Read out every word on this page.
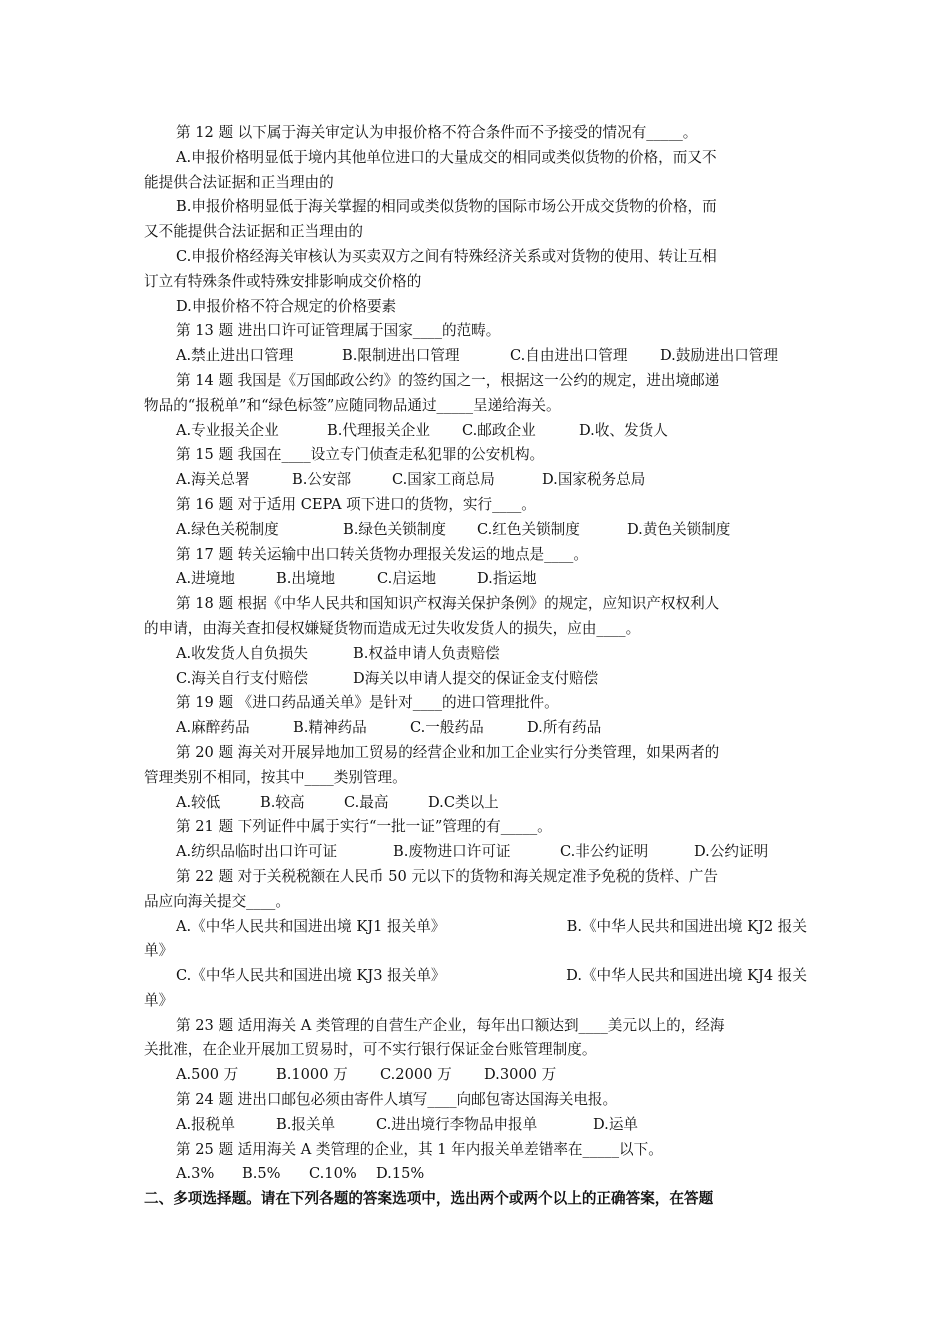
第 12 题 以下属于海关审定认为申报价格不符合条件而不予接受的情况有_____。
A.申报价格明显低于境内其他单位进口的大量成交的相同或类似货物的价格，而又不
能提供合法证据和正当理由的
B.申报价格明显低于海关掌握的相同或类似货物的国际市场公开成交货物的价格，而
又不能提供合法证据和正当理由的
C.申报价格经海关审核认为买卖双方之间有特殊经济关系或对货物的使用、转让互相
订立有特殊条件或特殊安排影响成交价格的
D.申报价格不符合规定的价格要素
第 13 题 进出口许可证管理属于国家____的范畴。
A.禁止进出口管理	B.限制进出口管理	C.自由进出口管理	D.鼓励进出口管理
第 14 题 我国是《万国邮政公约》的签约国之一，根据这一公约的规定，进出境邮递
物品的“报税单”和“绿色标签”应随同物品通过_____呈递给海关。
A.专业报关企业	B.代理报关企业	C.邮政企业	D.收、发货人
第 15 题 我国在____设立专门侦查走私犯罪的公安机构。
A.海关总署	B.公安部	C.国家工商总局	D.国家税务总局
第 16 题 对于适用 CEPA 项下进口的货物，实行____。
A.绿色关税制度	B.绿色关锁制度	C.红色关锁制度	D.黄色关锁制度
第 17 题 转关运输中出口转关货物办理报关发运的地点是____。
A.进境地	B.出境地	C.启运地	D.指运地
第 18 题 根据《中华人民共和国知识产权海关保护条例》的规定，应知识产权权利人
的申请，由海关查扣侵权嫌疑货物而造成无过失收发货人的损失，应由____。
A.收发货人自负损失	B.权益申请人负责赔偿
C.海关自行支付赔偿	D海关以申请人提交的保证金支付赔偿
第 19 题 《进口药品通关单》是针对____的进口管理批件。
A.麻醉药品	B.精神药品	C.一般药品	D.所有药品
第 20 题 海关对开展异地加工贸易的经营企业和加工企业实行分类管理，如果两者的
管理类别不相同，按其中____类别管理。
A.较低	B.较高	C.最高	D.C类以上
第 21 题 下列证件中属于实行“一批一证”管理的有_____。
A.纺织品临时出口许可证	B.废物进口许可证	C.非公约证明	D.公约证明
第 22 题 对于关税税额在人民币 50 元以下的货物和海关规定准予免税的货样、广告
品应向海关提交____。
A.《中华人民共和国进出境 KJ1 报关单》	B.《中华人民共和国进出境 KJ2 报关
单》
C.《中华人民共和国进出境 KJ3 报关单》	D.《中华人民共和国进出境 KJ4 报关
单》
第 23 题 适用海关 A 类管理的自营生产企业，每年出口额达到____美元以上的，经海
关批准，在企业开展加工贸易时，可不实行银行保证金台账管理制度。
A.500 万	B.1000 万	C.2000 万	D.3000 万
第 24 题 进出口邮包必须由寄件人填写____向邮包寄达国海关电报。
A.报税单	B.报关单	C.进出境行李物品申报单	D.运单
第 25 题 适用海关 A 类管理的企业，其 1 年内报关单差错率在_____以下。
A.3%	B.5%	C.10%	D.15%
二、多项选择题。请在下列各题的答案选项中，选出两个或两个以上的正确答案，在答题
